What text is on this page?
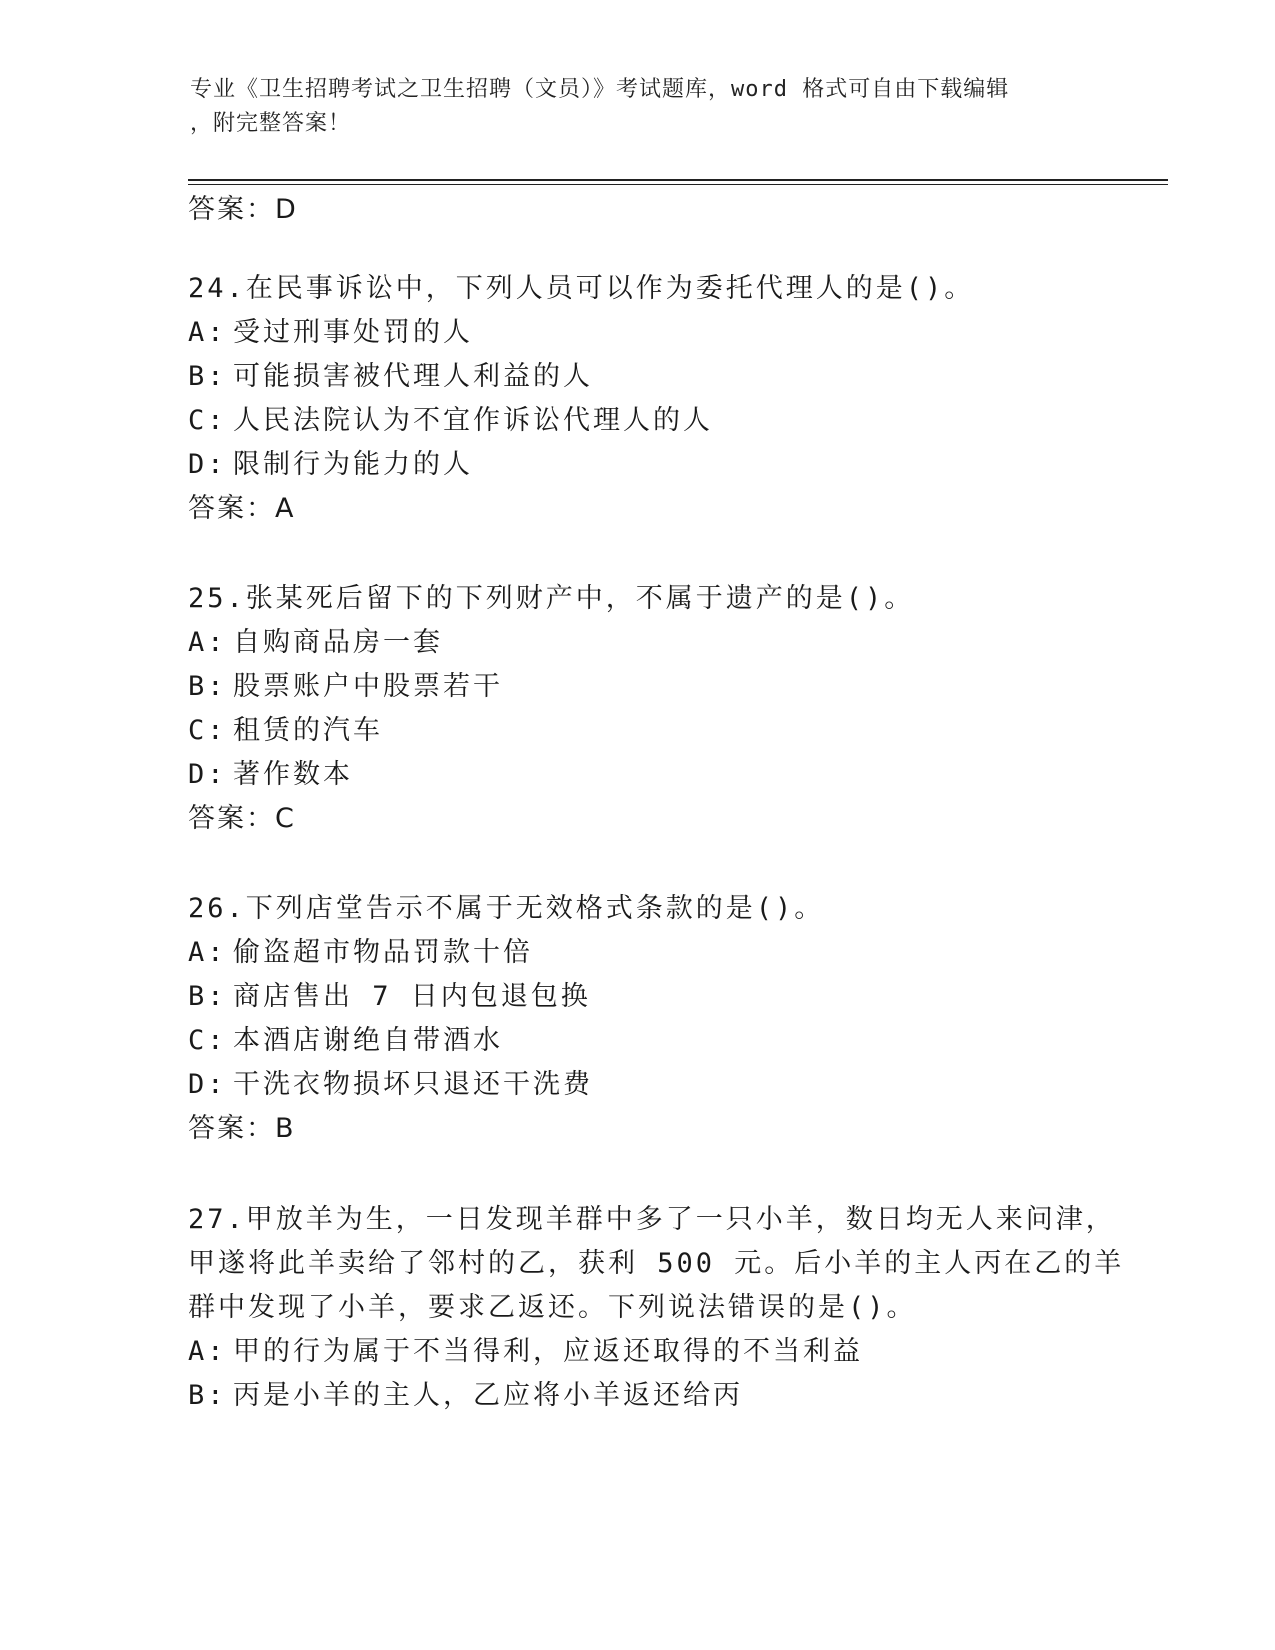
专业《卫生招聘考试之卫生招聘（文员）》考试题库，word 格式可自由下载编辑
，附完整答案！
答案：D
24.在民事诉讼中，下列人员可以作为委托代理人的是()。
A: 受过刑事处罚的人
B: 可能损害被代理人利益的人
C: 人民法院认为不宜作诉讼代理人的人
D: 限制行为能力的人
答案：A
25.张某死后留下的下列财产中，不属于遗产的是()。
A: 自购商品房一套
B: 股票账户中股票若干
C: 租赁的汽车
D: 著作数本
答案：C
26.下列店堂告示不属于无效格式条款的是()。
A: 偷盗超市物品罚款十倍
B: 商店售出 7 日内包退包换
C: 本酒店谢绝自带酒水
D: 干洗衣物损坏只退还干洗费
答案：B
27.甲放羊为生，一日发现羊群中多了一只小羊，数日均无人来问津，
甲遂将此羊卖给了邻村的乙，获利 500 元。后小羊的主人丙在乙的羊
群中发现了小羊，要求乙返还。下列说法错误的是()。
A: 甲的行为属于不当得利，应返还取得的不当利益
B: 丙是小羊的主人，乙应将小羊返还给丙
